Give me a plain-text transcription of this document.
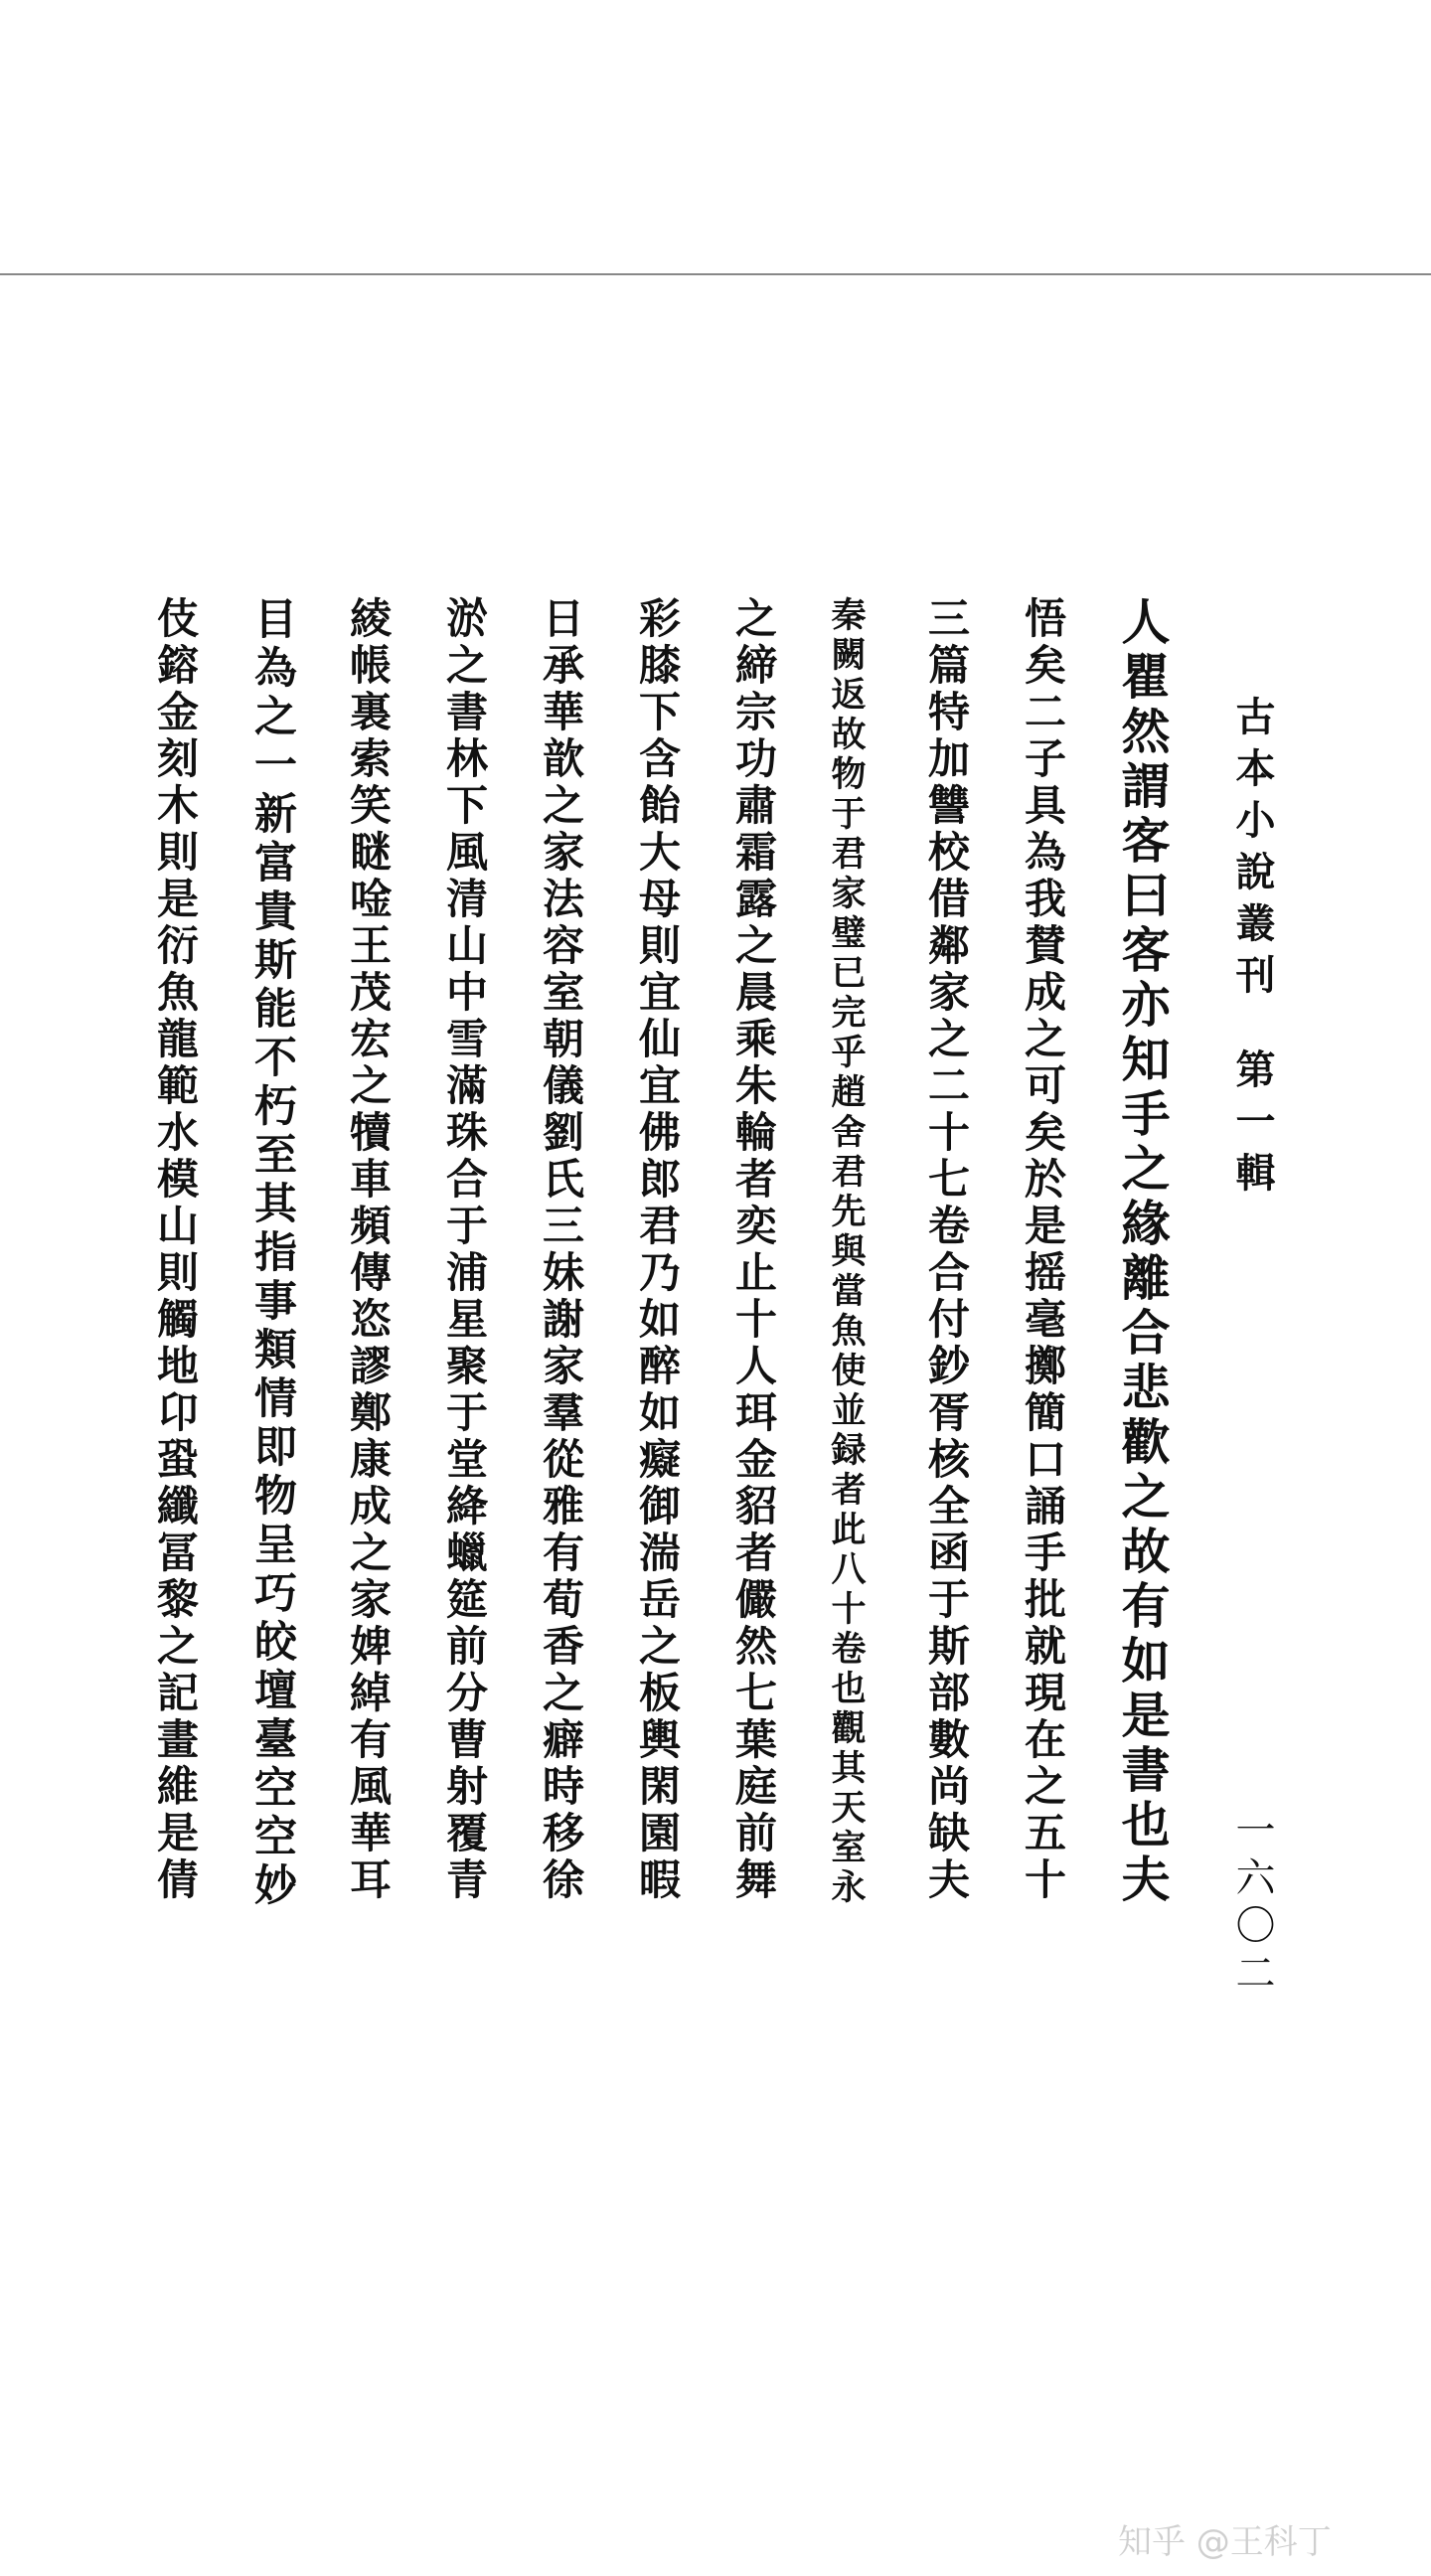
古本小說叢刊
第一輯
一六〇二
人瞿然謂客曰客亦知手之緣離合悲歡之故有如是書也夫
悟矣二子具為我賛成之可矣於是摇毫擲簡口誦手批就現在之五十
三篇特加讐校借鄰家之二十七卷合付鈔胥核全函于斯部數尚缺夫
秦闕返故物于君家璧已完乎趙舍君先與當魚使並録者此八十卷也觀其天室永
之締宗功肅霜露之晨乘朱輪者奕止十人珥金貂者儼然七葉庭前舞
彩膝下含飴大母則宜仙宜佛郎君乃如醉如癡御湍岳之板輿閑園暇
日承華歆之家法容室朝儀劉氏三妹謝家羣從雅有荀香之癖時移徐
淤之書林下風清山中雪滿珠合于浦星聚于堂絳蠟筵前分曹射覆青
綾帳裏索笑瞇唫王茂宏之犢車頻傳恣謬鄭康成之家婢綽有風華耳
目為之一新富貴斯能不朽至其指事類情即物呈巧皎壇臺空空妙
伎鎔金刻木則是衍魚龍範水模山則觸地卬蛩纖冨黎之記畫維是倩
知乎 @王科丁
